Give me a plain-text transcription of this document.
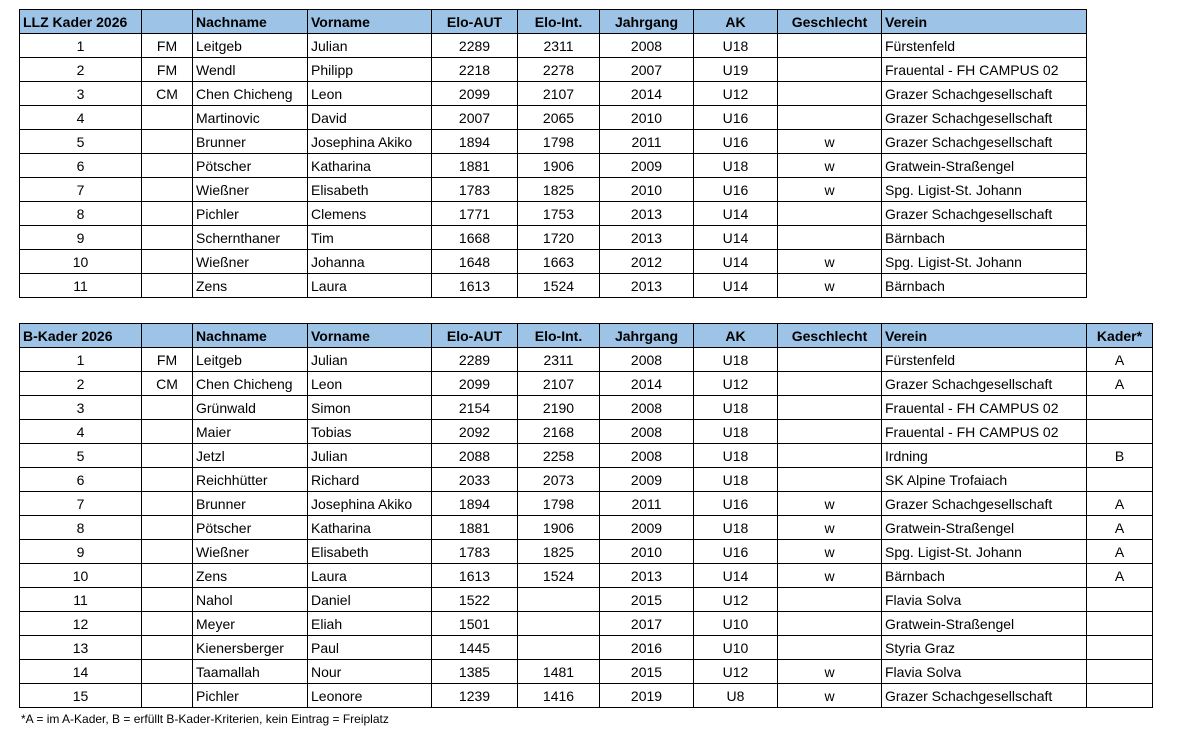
LLZ Kader 2026		Nachname	Vorname	Elo-AUT	Elo-Int.	Jahrgang	AK	Geschlecht	Verein
1	FM	Leitgeb	Julian	2289	2311	2008	U18		Fürstenfeld
2	FM	Wendl	Philipp	2218	2278	2007	U19		Frauental - FH CAMPUS 02
3	CM	Chen Chicheng	Leon	2099	2107	2014	U12		Grazer Schachgesellschaft
4		Martinovic	David	2007	2065	2010	U16		Grazer Schachgesellschaft
5		Brunner	Josephina Akiko	1894	1798	2011	U16	w	Grazer Schachgesellschaft
6		Pötscher	Katharina	1881	1906	2009	U18	w	Gratwein-Straßengel
7		Wießner	Elisabeth	1783	1825	2010	U16	w	Spg. Ligist-St. Johann
8		Pichler	Clemens	1771	1753	2013	U14		Grazer Schachgesellschaft
9		Schernthaner	Tim	1668	1720	2013	U14		Bärnbach
10		Wießner	Johanna	1648	1663	2012	U14	w	Spg. Ligist-St. Johann
11		Zens	Laura	1613	1524	2013	U14	w	Bärnbach
B-Kader 2026		Nachname	Vorname	Elo-AUT	Elo-Int.	Jahrgang	AK	Geschlecht	Verein	Kader*
1	FM	Leitgeb	Julian	2289	2311	2008	U18		Fürstenfeld	A
2	CM	Chen Chicheng	Leon	2099	2107	2014	U12		Grazer Schachgesellschaft	A
3		Grünwald	Simon	2154	2190	2008	U18		Frauental - FH CAMPUS 02	
4		Maier	Tobias	2092	2168	2008	U18		Frauental - FH CAMPUS 02	
5		Jetzl	Julian	2088	2258	2008	U18		Irdning	B
6		Reichhütter	Richard	2033	2073	2009	U18		SK Alpine Trofaiach	
7		Brunner	Josephina Akiko	1894	1798	2011	U16	w	Grazer Schachgesellschaft	A
8		Pötscher	Katharina	1881	1906	2009	U18	w	Gratwein-Straßengel	A
9		Wießner	Elisabeth	1783	1825	2010	U16	w	Spg. Ligist-St. Johann	A
10		Zens	Laura	1613	1524	2013	U14	w	Bärnbach	A
11		Nahol	Daniel	1522		2015	U12		Flavia Solva	
12		Meyer	Eliah	1501		2017	U10		Gratwein-Straßengel	
13		Kienersberger	Paul	1445		2016	U10		Styria Graz	
14		Taamallah	Nour	1385	1481	2015	U12	w	Flavia Solva	
15		Pichler	Leonore	1239	1416	2019	U8	w	Grazer Schachgesellschaft	
*A = im A-Kader, B = erfüllt B-Kader-Kriterien, kein Eintrag = Freiplatz
